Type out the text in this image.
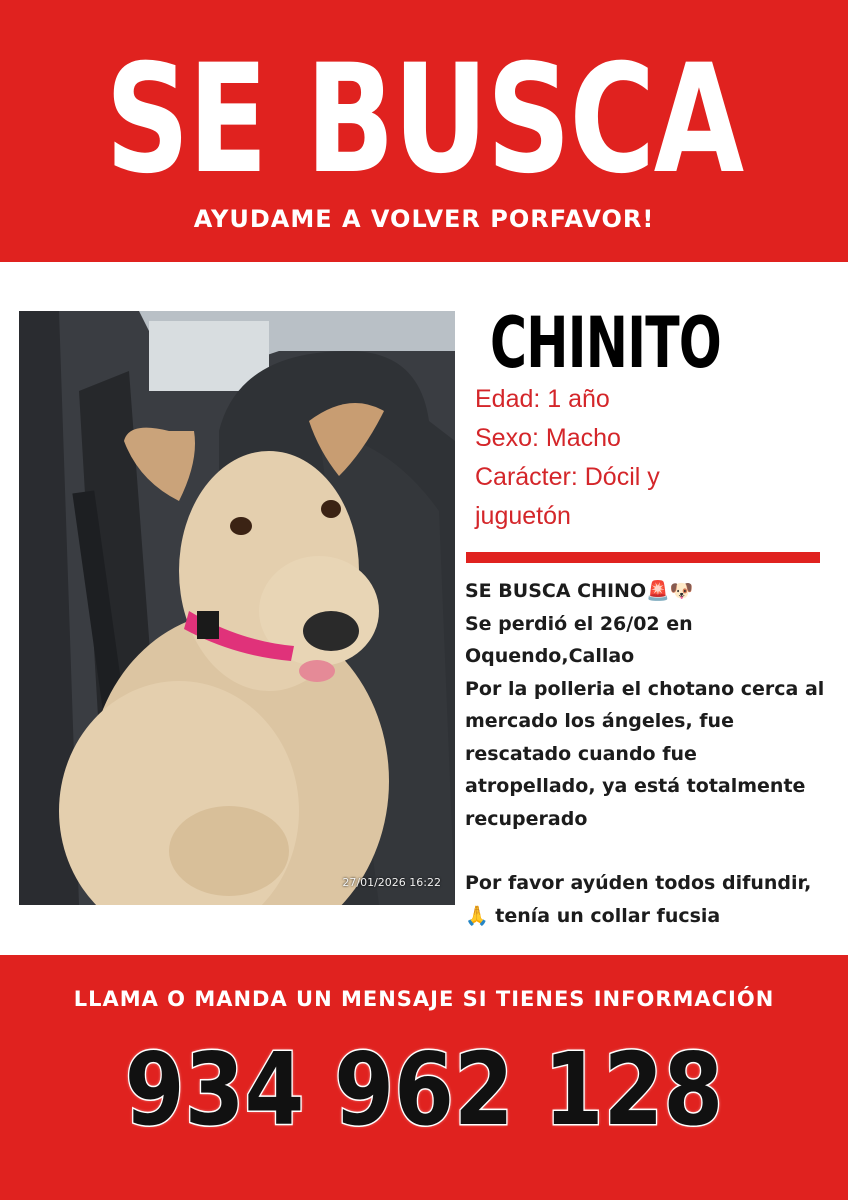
SE BUSCA
AYUDAME A VOLVER PORFAVOR!
27/01/2026 16:22
CHINITO
Edad: 1 año
Sexo: Macho
Carácter: Dócil y
juguetón

SE BUSCA CHINO🚨🐶

Se perdió el 26/02 en

Oquendo,Callao

Por la polleria el chotano cerca al

mercado los ángeles, fue

rescatado cuando fue

atropellado, ya está totalmente

recuperado

Por favor ayúden todos difundir,

🙏 tenía un collar fucsia

LLAMA O MANDA UN MENSAJE SI TIENES INFORMACIÓN
934 962 128
